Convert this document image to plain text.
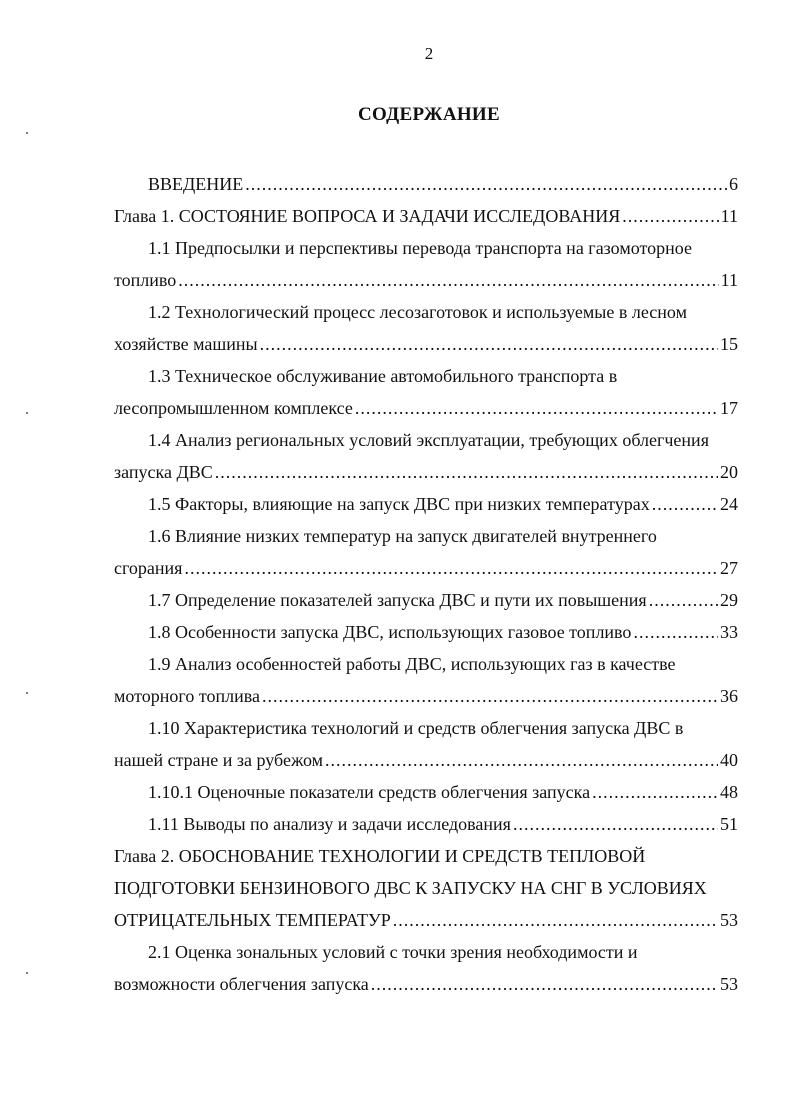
2
СОДЕРЖАНИЕ
ВВЕДЕНИЕ .....	6
Глава 1. СОСТОЯНИЕ ВОПРОСА И ЗАДАЧИ ИССЛЕДОВАНИЯ .....	11
1.1 Предпосылки и перспективы перевода транспорта на газомоторное
топливо .....	11
1.2 Технологический процесс лесозаготовок и используемые в лесном
хозяйстве машины .....	15
1.3 Техническое обслуживание автомобильного транспорта в
лесопромышленном комплексе .....	17
1.4 Анализ региональных условий эксплуатации, требующих облегчения
запуска ДВС .....	20
1.5 Факторы, влияющие на запуск ДВС при низких температурах .....	24
1.6 Влияние низких температур на запуск двигателей внутреннего
сгорания .....	27
1.7 Определение показателей запуска ДВС и пути их повышения .....	29
1.8 Особенности запуска ДВС, использующих газовое топливо .....	33
1.9 Анализ особенностей работы ДВС, использующих газ в качестве
моторного топлива .....	36
1.10 Характеристика технологий и средств облегчения запуска ДВС в
нашей стране и за рубежом .....	40
1.10.1 Оценочные показатели средств облегчения запуска .....	48
1.11 Выводы по анализу и задачи исследования .....	51
Глава 2. ОБОСНОВАНИЕ ТЕХНОЛОГИИ И СРЕДСТВ ТЕПЛОВОЙ
ПОДГОТОВКИ БЕНЗИНОВОГО ДВС К ЗАПУСКУ НА СНГ В УСЛОВИЯХ
ОТРИЦАТЕЛЬНЫХ ТЕМПЕРАТУР .....	53
2.1 Оценка зональных условий с точки зрения необходимости и
возможности облегчения запуска .....	53
